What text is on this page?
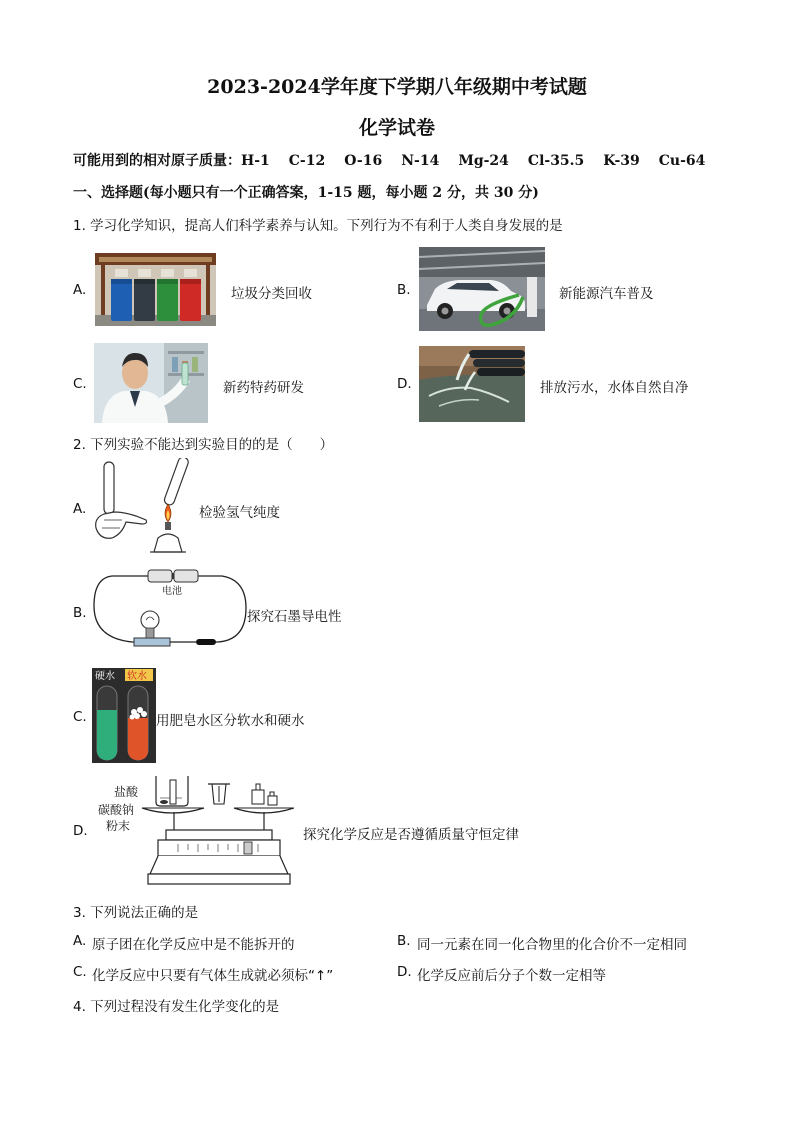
2023-2024学年度下学期八年级期中考试题
化学试卷
可能用到的相对原子质量：H-1 C-12 O-16 N-14 Mg-24 Cl-35.5 K-39 Cu-64
一、选择题(每小题只有一个正确答案，1-15 题，每小题 2 分，共 30 分)
1. 学习化学知识，提高人们科学素养与认知。下列行为不有利于人类自身发展的是
A.	垃圾分类回收	B.	新能源汽车普及
C.	新药特药研发	D.	排放污水，水体自然自净
2. 下列实验不能达到实验目的的是（　　）
A.	检验氢气纯度
B.
电池
探究石墨导电性
C.
硬水 软水
用肥皂水区分软水和硬水
D.
盐酸
碳酸钠
粉末
探究化学反应是否遵循质量守恒定律
3. 下列说法正确的是
A. 原子团在化学反应中是不能拆开的	B. 同一元素在同一化合物里的化合价不一定相同
C. 化学反应中只要有气体生成就必须标“↑”	D. 化学反应前后分子个数一定相等
4. 下列过程没有发生化学变化的是
